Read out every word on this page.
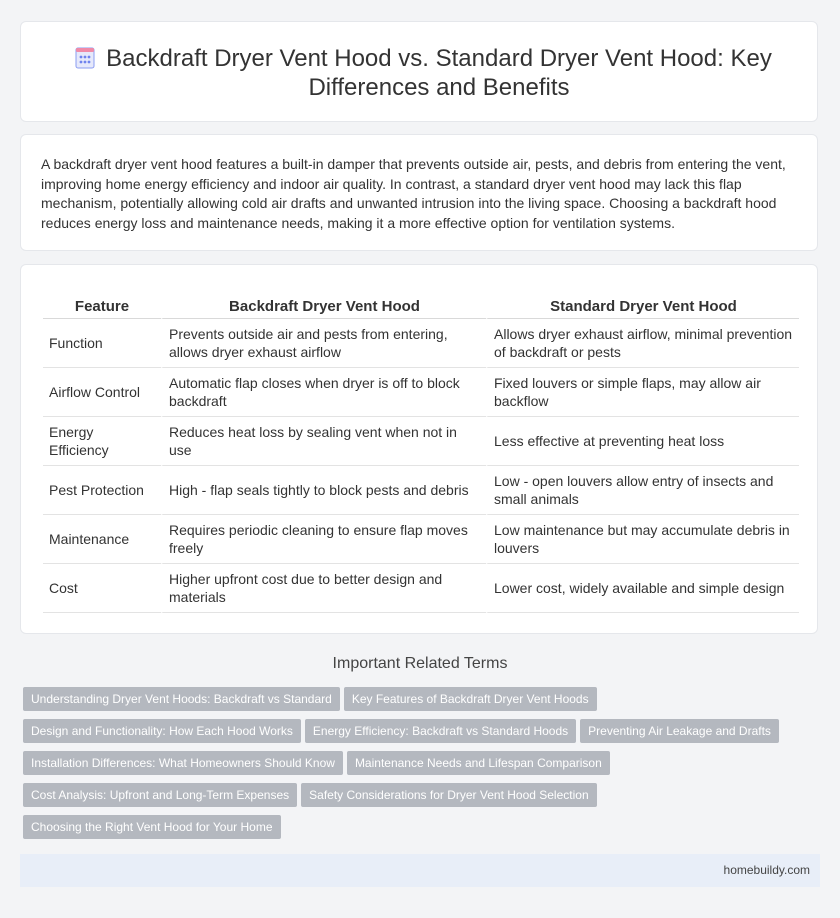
Backdraft Dryer Vent Hood vs. Standard Dryer Vent Hood: Key Differences and Benefits

A backdraft dryer vent hood features a built-in damper that prevents outside air, pests, and debris from entering the vent, improving home energy efficiency and indoor air quality. In contrast, a standard dryer vent hood may lack this flap mechanism, potentially allowing cold air drafts and unwanted intrusion into the living space. Choosing a backdraft hood reduces energy loss and maintenance needs, making it a more effective option for ventilation systems.

Feature	Backdraft Dryer Vent Hood	Standard Dryer Vent Hood
Function	Prevents outside air and pests from entering, allows dryer exhaust airflow	Allows dryer exhaust airflow, minimal prevention of backdraft or pests
Airflow Control	Automatic flap closes when dryer is off to block backdraft	Fixed louvers or simple flaps, may allow air backflow
Energy Efficiency	Reduces heat loss by sealing vent when not in use	Less effective at preventing heat loss
Pest Protection	High - flap seals tightly to block pests and debris	Low - open louvers allow entry of insects and small animals
Maintenance	Requires periodic cleaning to ensure flap moves freely	Low maintenance but may accumulate debris in louvers
Cost	Higher upfront cost due to better design and materials	Lower cost, widely available and simple design
Important Related Terms
Understanding Dryer Vent Hoods: Backdraft vs Standard Key Features of Backdraft Dryer Vent Hoods
Design and Functionality: How Each Hood Works Energy Efficiency: Backdraft vs Standard Hoods Preventing Air Leakage and Drafts
Installation Differences: What Homeowners Should Know Maintenance Needs and Lifespan Comparison
Cost Analysis: Upfront and Long-Term Expenses Safety Considerations for Dryer Vent Hood Selection
Choosing the Right Vent Hood for Your Home
homebuildy.com
